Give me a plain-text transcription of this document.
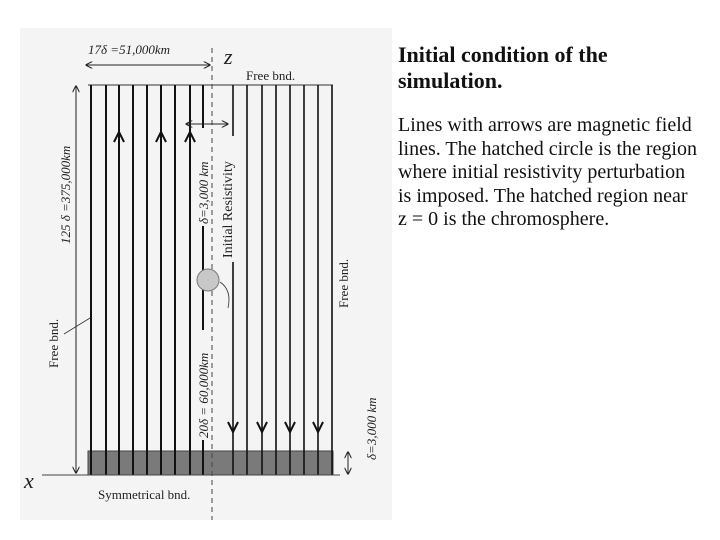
17δ =51,000km z
x
Free bnd.
Symmetrical bnd.
Free bnd.
Free bnd.
125 δ =375,000km	δ=3,000 km Initial Resistivity
20δ = 60,000km	δ=3,000 km
Initial condition of the simulation.
Lines with arrows are magnetic field lines. The hatched circle is the region where initial resistivity perturbation is imposed. The hatched region near z = 0 is the chromosphere.
